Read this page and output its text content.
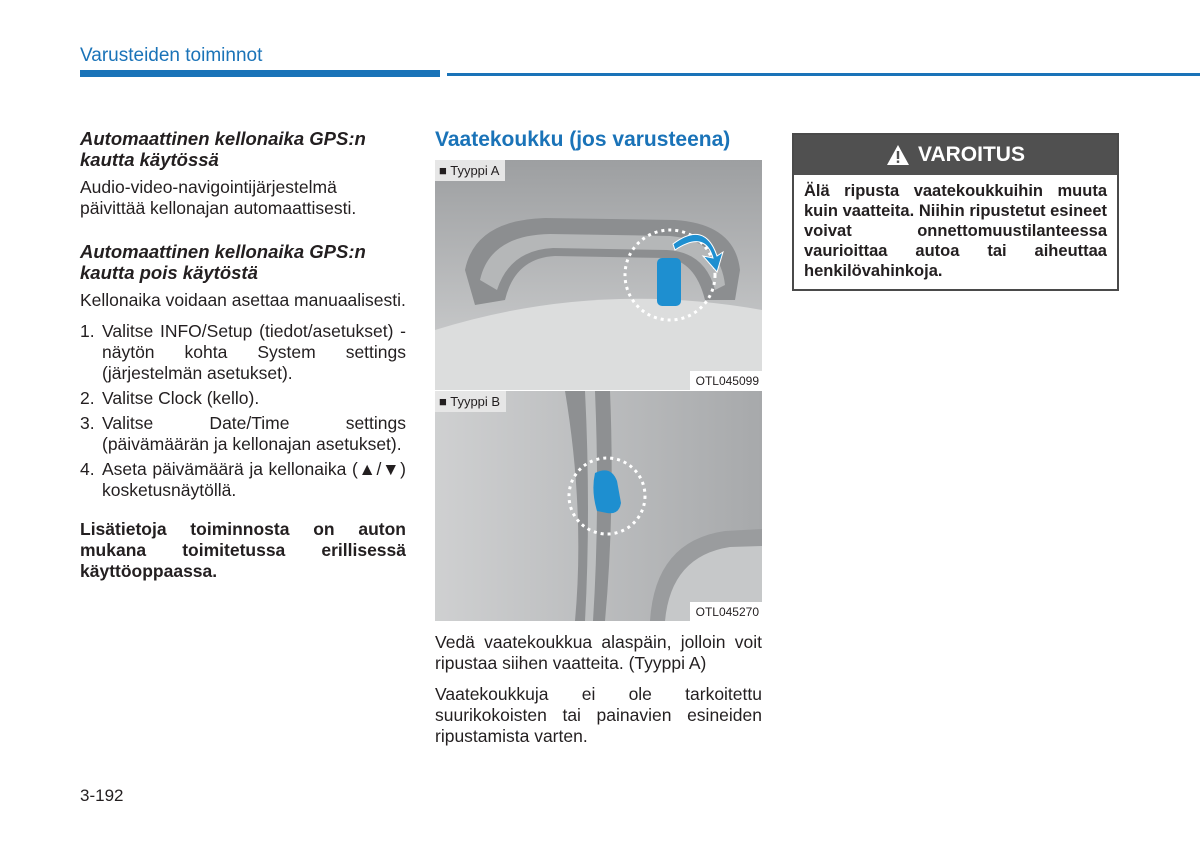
Varusteiden toiminnot
Automaattinen kellonaika GPS:n kautta käytössä

Audio-video-navigointijärjestelmä päivittää kellonajan automaattisesti.

Automaattinen kellonaika GPS:n kautta pois käytöstä

Kellonaika voidaan asettaa manuaalisesti.

1. Valitse INFO/Setup (tiedot/asetukset) -näytön kohta System settings (järjestelmän asetukset).
2. Valitse Clock (kello).
3. Valitse Date/Time settings (päivämäärän ja kellonajan asetukset).
4. Aseta päivämäärä ja kellonaika (▲/▼) kosketusnäytöllä.

Lisätietoja toiminnosta on auton mukana toimitetussa erillisessä käyttöoppaassa.

Vaatekoukku (jos varusteena)
■ Tyyppi A
OTL045099
■ Tyyppi B
OTL045270

Vedä vaatekoukkua alaspäin, jolloin voit ripustaa siihen vaatteita. (Tyyppi A)

Vaatekoukkuja ei ole tarkoitettu suurikokoisten tai painavien esineiden ripustamista varten.

VAROITUS
Älä ripusta vaatekoukkuihin muuta kuin vaatteita. Niihin ripustetut esineet voivat onnettomuustilanteessa vaurioittaa autoa tai aiheuttaa henkilövahinkoja.
3-192
